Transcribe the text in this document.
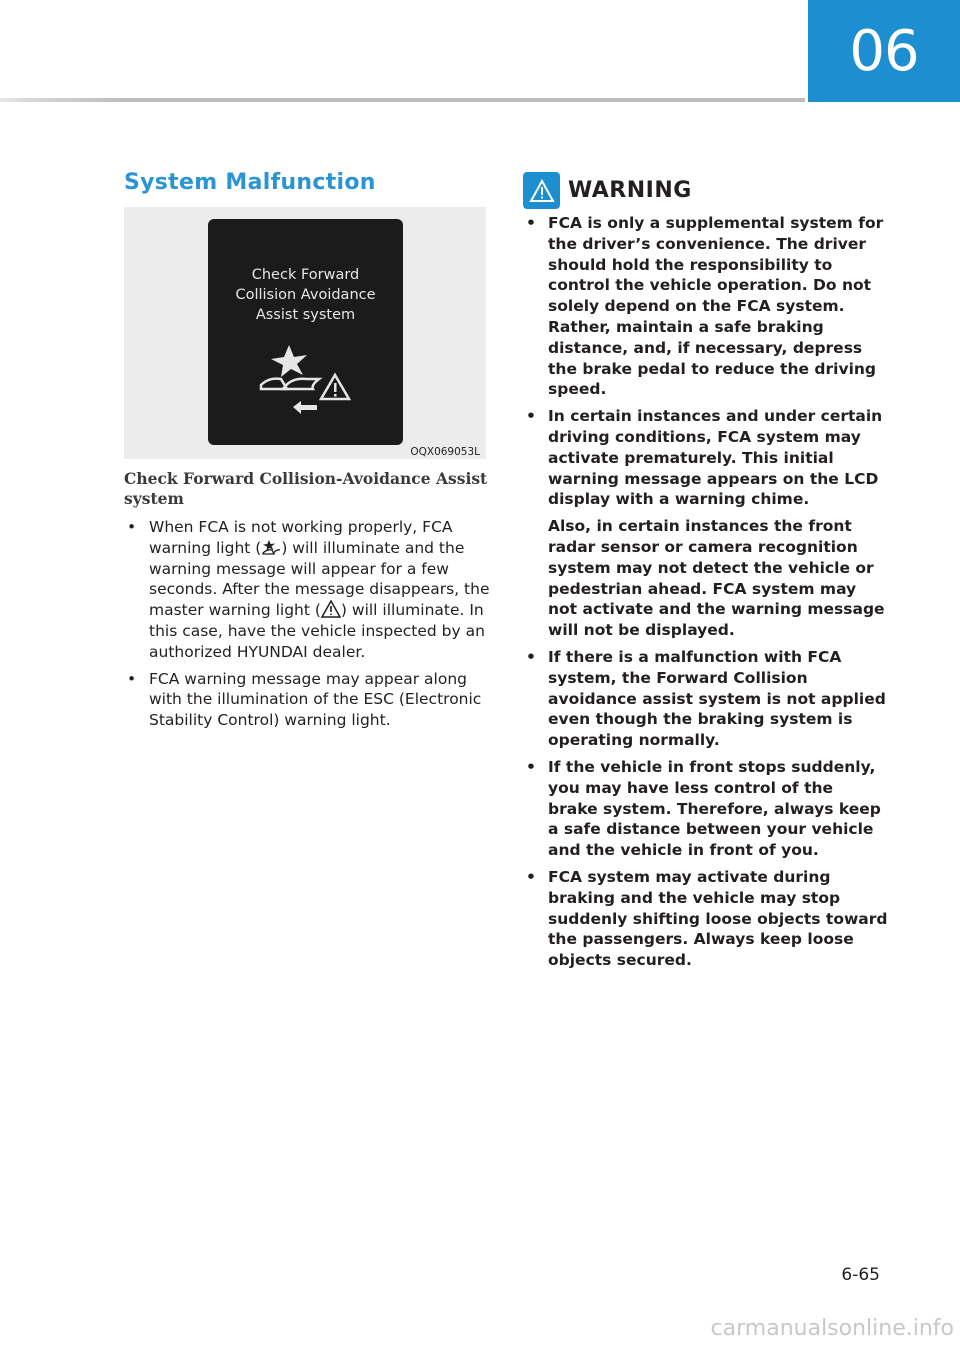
06
System Malfunction
Check Forward
Collision Avoidance
Assist system
OQX069053L
Check Forward Collision-Avoidance Assist system
• When FCA is not working properly, FCA warning light ( ) will illuminate and the warning message will appear for a few seconds. After the message disappears, the master warning light ( ) will illuminate. In this case, have the vehicle inspected by an authorized HYUNDAI dealer.
• FCA warning message may appear along with the illumination of the ESC (Electronic Stability Control) warning light.
WARNING
• FCA is only a supplemental system for the driver’s convenience. The driver should hold the responsibility to control the vehicle operation. Do not solely depend on the FCA system. Rather, maintain a safe braking distance, and, if necessary, depress the brake pedal to reduce the driving speed.
• In certain instances and under certain driving conditions, FCA system may activate prematurely. This initial warning message appears on the LCD display with a warning chime.
Also, in certain instances the front radar sensor or camera recognition system may not detect the vehicle or pedestrian ahead. FCA system may not activate and the warning message will not be displayed.
• If there is a malfunction with FCA system, the Forward Collision avoidance assist system is not applied even though the braking system is operating normally.
• If the vehicle in front stops suddenly, you may have less control of the brake system. Therefore, always keep a safe distance between your vehicle and the vehicle in front of you.
• FCA system may activate during braking and the vehicle may stop suddenly shifting loose objects toward the passengers. Always keep loose objects secured.
6-65
carmanualsonline.info
